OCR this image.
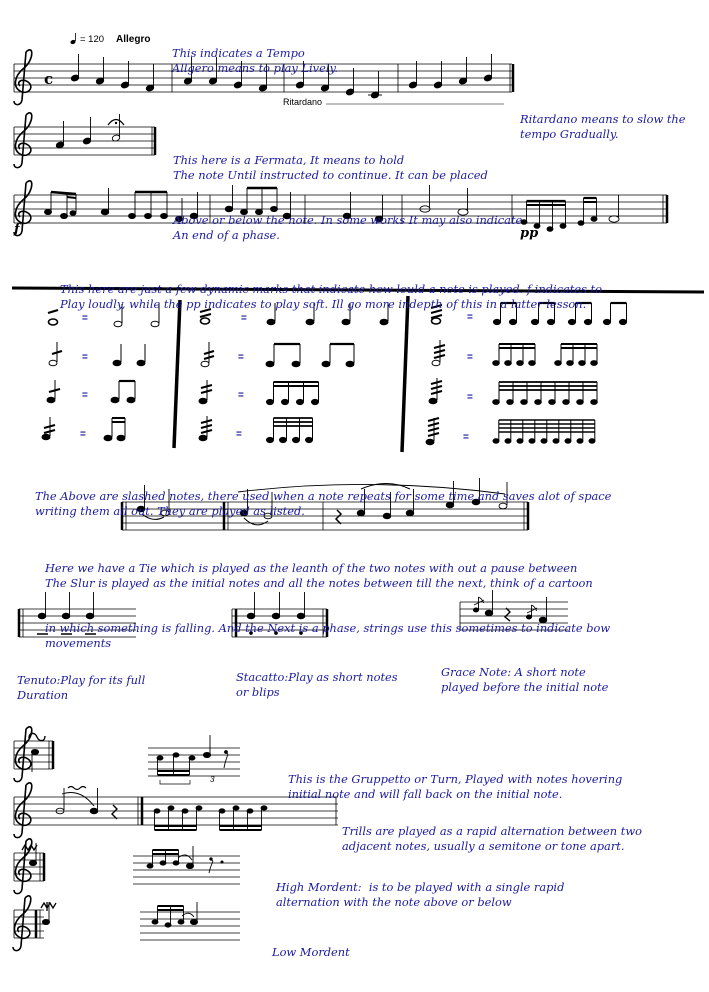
c
= 120 Allegro
Ritardano
f	pp
3
=
=
=
=
=
=
=
=
=
=
=
=

This indicates a Tempo
Allgero means to play Lively.

Ritardano means to slow the
tempo Gradually.

This here is a Fermata, It means to hold
The note Until instructed to continue. It can be placed

Above or below the note. In some works It may also indicate
An end of a phase.

This here are just a few dynamic marks that indicate how lould a note is played. f indicates to
Play loudly, while the pp indicates to play soft. Ill go more indepth of this in a latter lesson.

The Above are slashed notes, there used when a note repeats for some time and saves alot of space
writing them all out. They are played as listed.

Here we have a Tie which is played as the leanth of the two notes with out a pause between
The Slur is played as the initial notes and all the notes between till the next, think of a cartoon

in which something is falling. And the Next is a phase, strings use this sometimes to indicate bow
movements

Tenuto:Play for its full
Duration

Stacatto:Play as short notes
or blips

Grace Note: A short note
played before the initial note

This is the Gruppetto or Turn, Played with notes hovering
initial note and will fall back on the initial note.

Trills are played as a rapid alternation between two
adjacent notes, usually a semitone or tone apart.

High Mordent:  is to be played with a single rapid
alternation with the note above or below

Low Mordent
